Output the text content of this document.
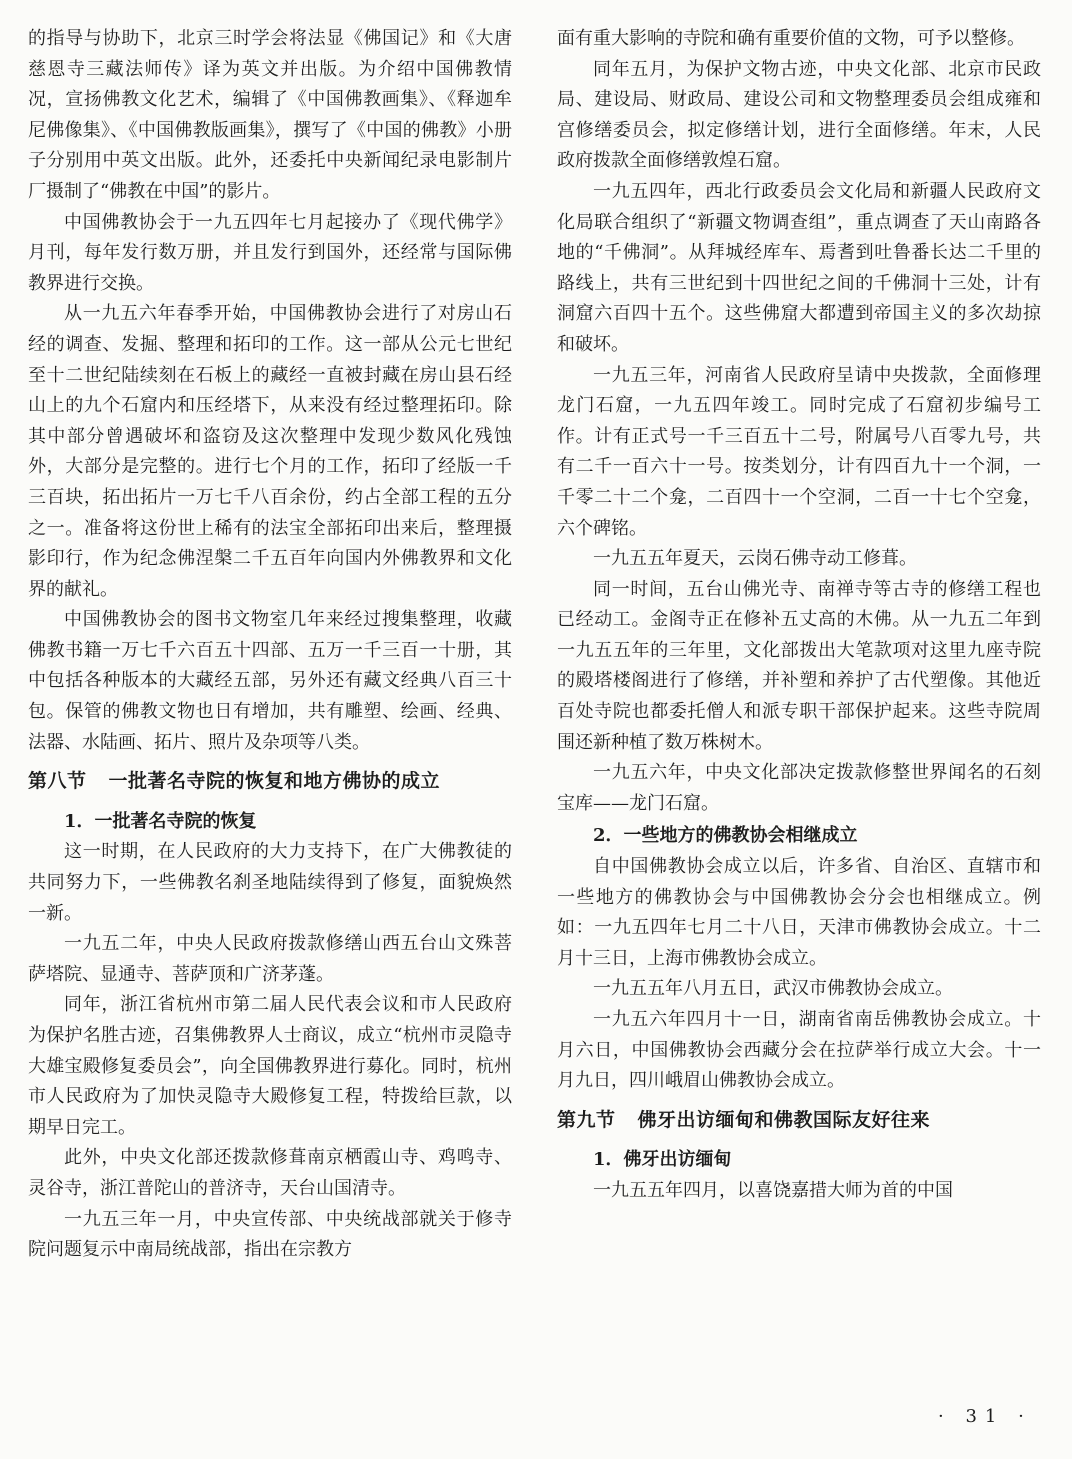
的指导与协助下，北京三时学会将法显《佛国记》和《大唐慈恩寺三藏法师传》译为英文并出版。为介绍中国佛教情况，宣扬佛教文化艺术，编辑了《中国佛教画集》、《释迦牟尼佛像集》、《中国佛教版画集》，撰写了《中国的佛教》小册子分别用中英文出版。此外，还委托中央新闻纪录电影制片厂摄制了“佛教在中国”的影片。

中国佛教协会于一九五四年七月起接办了《现代佛学》月刊，每年发行数万册，并且发行到国外，还经常与国际佛教界进行交换。

从一九五六年春季开始，中国佛教协会进行了对房山石经的调查、发掘、整理和拓印的工作。这一部从公元七世纪至十二世纪陆续刻在石板上的藏经一直被封藏在房山县石经山上的九个石窟内和压经塔下，从来没有经过整理拓印。除其中部分曾遇破坏和盗窃及这次整理中发现少数风化残蚀外，大部分是完整的。进行七个月的工作，拓印了经版一千三百块，拓出拓片一万七千八百余份，约占全部工程的五分之一。准备将这份世上稀有的法宝全部拓印出来后，整理摄影印行，作为纪念佛涅槃二千五百年向国内外佛教界和文化界的献礼。

中国佛教协会的图书文物室几年来经过搜集整理，收藏佛教书籍一万七千六百五十四部、五万一千三百一十册，其中包括各种版本的大藏经五部，另外还有藏文经典八百三十包。保管的佛教文物也日有增加，共有雕塑、绘画、经典、法器、水陆画、拓片、照片及杂项等八类。

第八节 一批著名寺院的恢复和地方佛协的成立
1．一批著名寺院的恢复

这一时期，在人民政府的大力支持下，在广大佛教徒的共同努力下，一些佛教名刹圣地陆续得到了修复，面貌焕然一新。

一九五二年，中央人民政府拨款修缮山西五台山文殊菩萨塔院、显通寺、菩萨顶和广济茅蓬。

同年，浙江省杭州市第二届人民代表会议和市人民政府为保护名胜古迹，召集佛教界人士商议，成立“杭州市灵隐寺大雄宝殿修复委员会”，向全国佛教界进行募化。同时，杭州市人民政府为了加快灵隐寺大殿修复工程，特拨给巨款，以期早日完工。

此外，中央文化部还拨款修葺南京栖霞山寺、鸡鸣寺、灵谷寺，浙江普陀山的普济寺，天台山国清寺。

一九五三年一月，中央宣传部、中央统战部就关于修寺院问题复示中南局统战部，指出在宗教方

面有重大影响的寺院和确有重要价值的文物，可予以整修。

同年五月，为保护文物古迹，中央文化部、北京市民政局、建设局、财政局、建设公司和文物整理委员会组成雍和宫修缮委员会，拟定修缮计划，进行全面修缮。年末，人民政府拨款全面修缮敦煌石窟。

一九五四年，西北行政委员会文化局和新疆人民政府文化局联合组织了“新疆文物调查组”，重点调查了天山南路各地的“千佛洞”。从拜城经库车、焉耆到吐鲁番长达二千里的路线上，共有三世纪到十四世纪之间的千佛洞十三处，计有洞窟六百四十五个。这些佛窟大都遭到帝国主义的多次劫掠和破坏。

一九五三年，河南省人民政府呈请中央拨款，全面修理龙门石窟，一九五四年竣工。同时完成了石窟初步编号工作。计有正式号一千三百五十二号，附属号八百零九号，共有二千一百六十一号。按类划分，计有四百九十一个洞，一千零二十二个龛，二百四十一个空洞，二百一十七个空龛，六个碑铭。

一九五五年夏天，云岗石佛寺动工修葺。

同一时间，五台山佛光寺、南禅寺等古寺的修缮工程也已经动工。金阁寺正在修补五丈高的木佛。从一九五二年到一九五五年的三年里，文化部拨出大笔款项对这里九座寺院的殿塔楼阁进行了修缮，并补塑和养护了古代塑像。其他近百处寺院也都委托僧人和派专职干部保护起来。这些寺院周围还新种植了数万株树木。

一九五六年，中央文化部决定拨款修整世界闻名的石刻宝库——龙门石窟。

2．一些地方的佛教协会相继成立

自中国佛教协会成立以后，许多省、自治区、直辖市和一些地方的佛教协会与中国佛教协会分会也相继成立。例如：一九五四年七月二十八日，天津市佛教协会成立。十二月十三日，上海市佛教协会成立。

一九五五年八月五日，武汉市佛教协会成立。

一九五六年四月十一日，湖南省南岳佛教协会成立。十月六日，中国佛教协会西藏分会在拉萨举行成立大会。十一月九日，四川峨眉山佛教协会成立。

第九节 佛牙出访缅甸和佛教国际友好往来
1．佛牙出访缅甸

一九五五年四月，以喜饶嘉措大师为首的中国

· 31 ·
